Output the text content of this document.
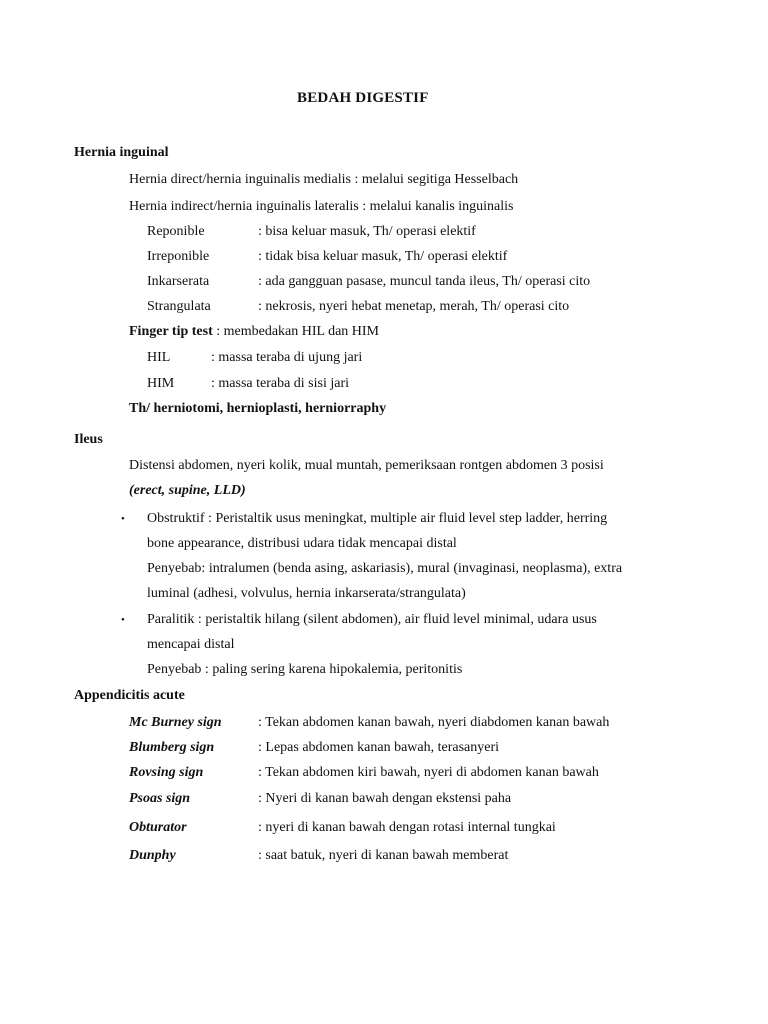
BEDAH DIGESTIF
Hernia inguinal
Hernia direct/hernia inguinalis medialis : melalui segitiga Hesselbach
Hernia indirect/hernia inguinalis lateralis : melalui kanalis inguinalis
Reponible	: bisa keluar masuk, Th/ operasi elektif
Irreponible	: tidak bisa keluar masuk, Th/ operasi elektif
Inkarserata	: ada gangguan pasase, muncul tanda ileus, Th/ operasi cito
Strangulata	: nekrosis, nyeri hebat menetap, merah, Th/ operasi cito
Finger tip test : membedakan HIL dan HIM
HIL	: massa teraba di ujung jari
HIM	: massa teraba di sisi jari
Th/ herniotomi, hernioplasti, herniorraphy
Ileus
Distensi abdomen, nyeri kolik, mual muntah, pemeriksaan rontgen abdomen 3 posisi
(erect, supine, LLD)
• Obstruktif : Peristaltik usus meningkat, multiple air fluid level step ladder, herring
bone appearance, distribusi udara tidak mencapai distal
Penyebab: intralumen (benda asing, askariasis), mural (invaginasi, neoplasma), extra
luminal (adhesi, volvulus, hernia inkarserata/strangulata)
• Paralitik : peristaltik hilang (silent abdomen), air fluid level minimal, udara usus
mencapai distal
Penyebab : paling sering karena hipokalemia, peritonitis
Appendicitis acute
Mc Burney sign	: Tekan abdomen kanan bawah, nyeri diabdomen kanan bawah
Blumberg sign	: Lepas abdomen kanan bawah, terasanyeri
Rovsing sign	: Tekan abdomen kiri bawah, nyeri di abdomen kanan bawah
Psoas sign	: Nyeri di kanan bawah dengan ekstensi paha
Obturator	: nyeri di kanan bawah dengan rotasi internal tungkai
Dunphy	: saat batuk, nyeri di kanan bawah memberat
